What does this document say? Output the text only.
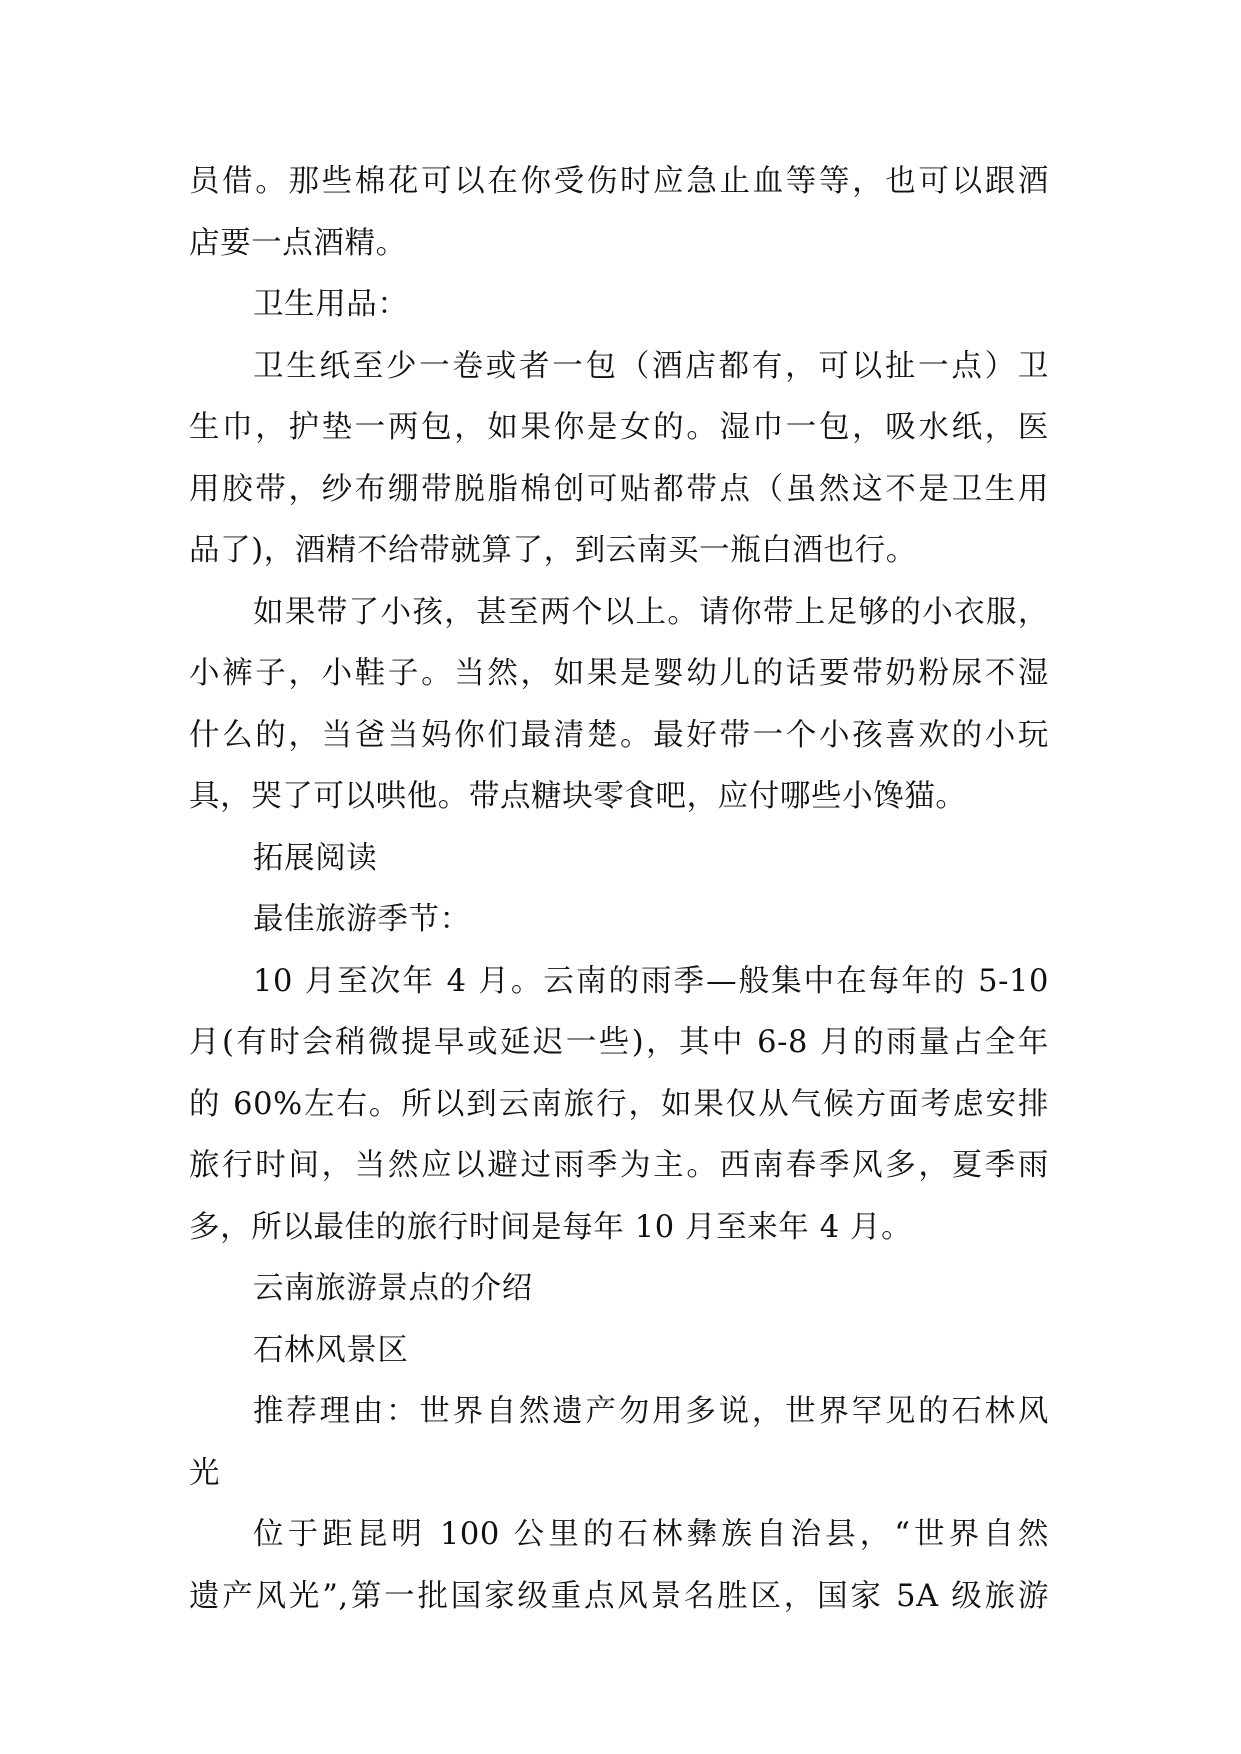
员借。那些棉花可以在你受伤时应急止血等等，也可以跟酒
店要一点酒精。
卫生用品：
卫生纸至少一卷或者一包（酒店都有，可以扯一点）卫
生巾，护垫一两包，如果你是女的。湿巾一包，吸水纸，医
用胶带，纱布绷带脱脂棉创可贴都带点（虽然这不是卫生用
品了)，酒精不给带就算了，到云南买一瓶白酒也行。
如果带了小孩，甚至两个以上。请你带上足够的小衣服，
小裤子，小鞋子。当然，如果是婴幼儿的话要带奶粉尿不湿
什么的，当爸当妈你们最清楚。最好带一个小孩喜欢的小玩
具，哭了可以哄他。带点糖块零食吧，应付哪些小馋猫。
拓展阅读
最佳旅游季节：
10 月至次年 4 月。云南的雨季—般集中在每年的 5-10
月(有时会稍微提早或延迟一些)，其中 6-8 月的雨量占全年
的 60%左右。所以到云南旅行，如果仅从气候方面考虑安排
旅行时间，当然应以避过雨季为主。西南春季风多，夏季雨
多，所以最佳的旅行时间是每年 10 月至来年 4 月。
云南旅游景点的介绍
石林风景区
推荐理由：世界自然遗产勿用多说，世界罕见的石林风
光
位于距昆明 100 公里的石林彝族自治县，“世界自然
遗产风光”,第一批国家级重点风景名胜区，国家 5A 级旅游
